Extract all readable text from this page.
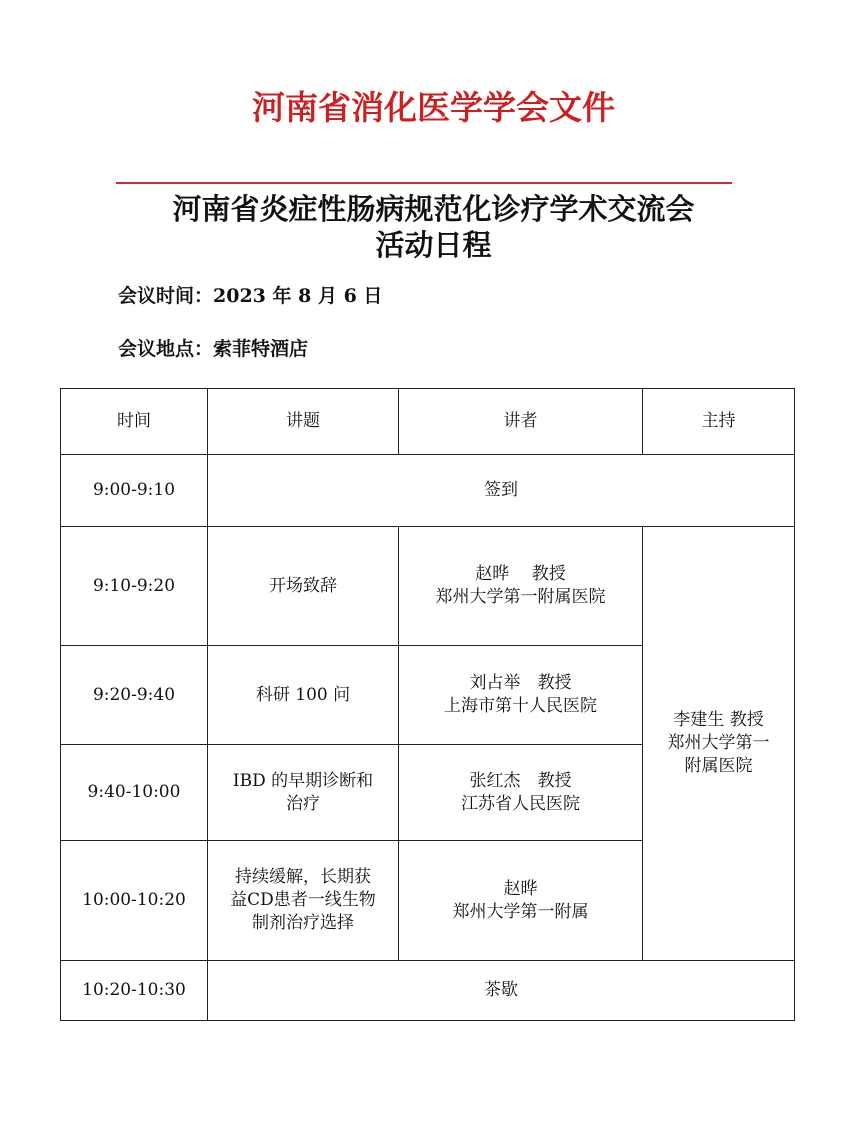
河南省消化医学学会文件
河南省炎症性肠病规范化诊疗学术交流会
活动日程
会议时间：2023 年 8 月 6 日
会议地点：索菲特酒店
时间	讲题	讲者	主持
9:00-9:10	签到		
9:10-9:20	开场致辞	赵晔　 教授
郑州大学第一附属医院	李建生 教授
郑州大学第一
附属医院

9:20-9:40	科研 100 问	刘占举　教授
上海市第十人民医院	

9:40-10:00	IBD 的早期诊断和
治疗	张红杰　教授
江苏省人民医院	

10:00-10:20	持续缓解，长期获
益CD患者一线生物
制剂治疗选择	赵晔
郑州大学第一附属	

10:20-10:30	茶歇		
